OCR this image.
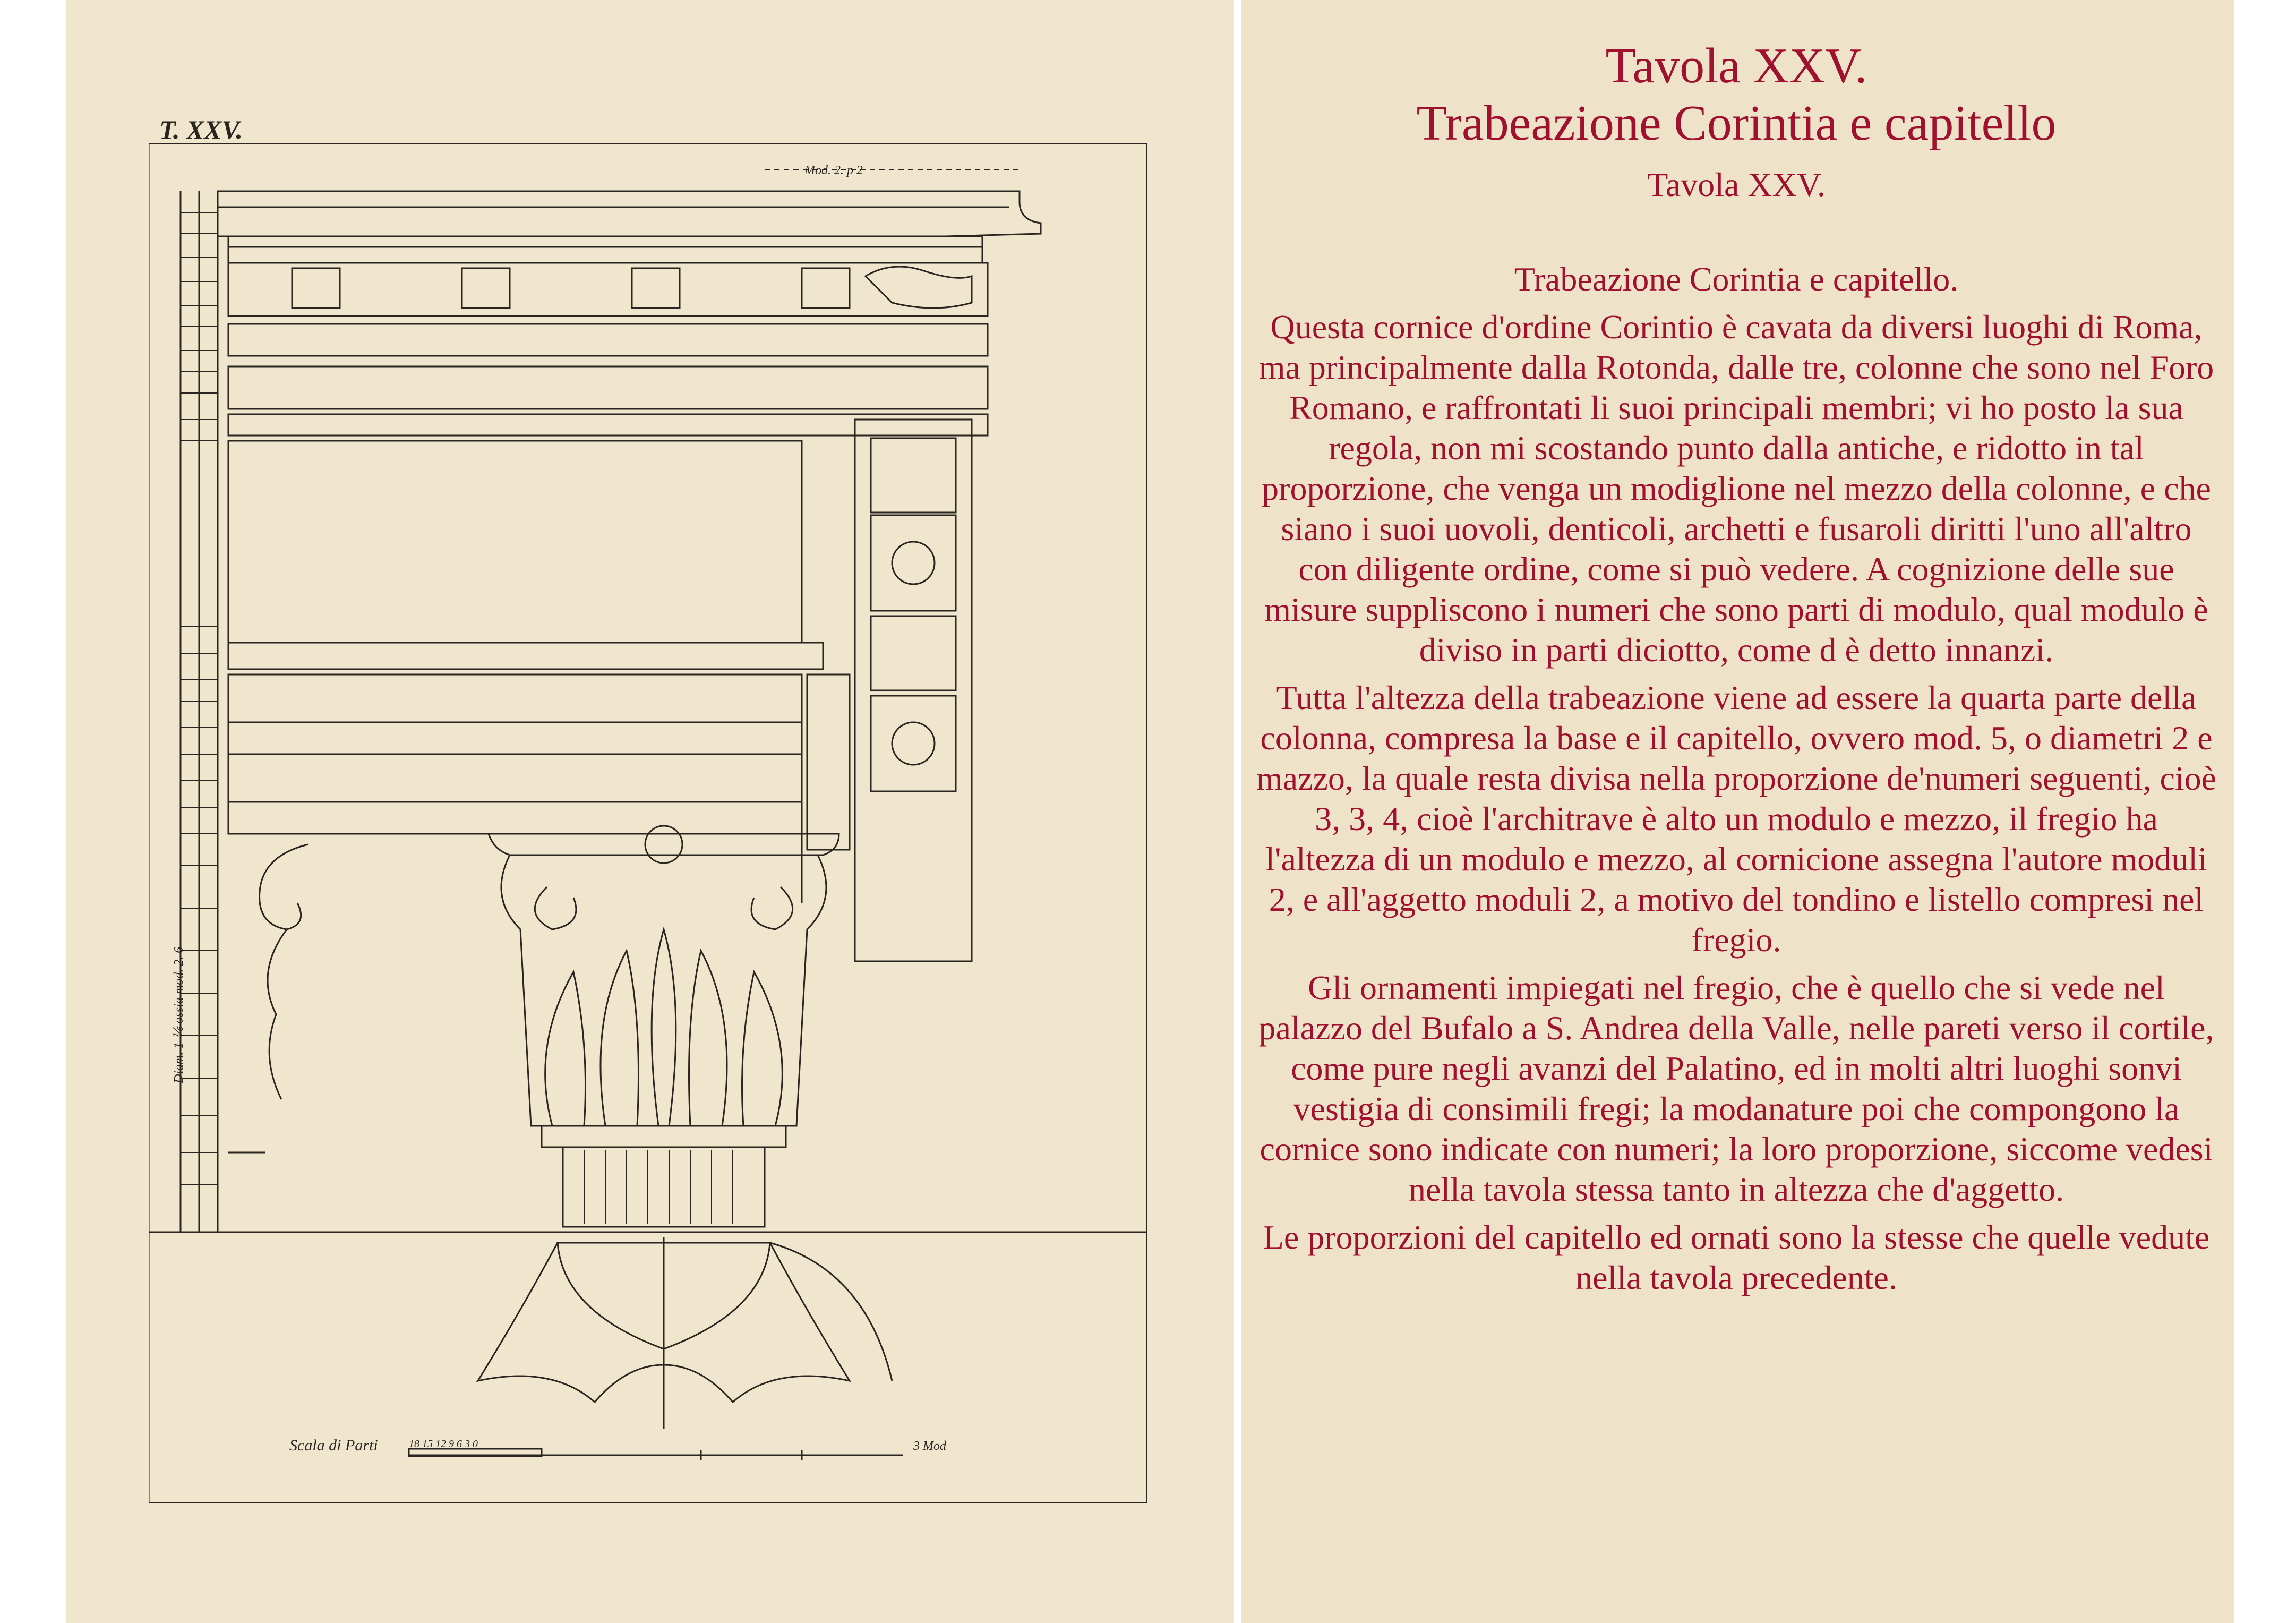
T. XXV.
Mod. 2. p 2
Diam. 1 ⅙ ossia mod. 2. 6
Scala di Parti	18 15 12 9 6 3 0	3 Mod
Tavola XXV.
Trabeazione Corintia e capitello
Tavola XXV.
Trabeazione Corintia e capitello.
Questa cornice d'ordine Corintio è cavata da diversi luoghi di Roma, ma principalmente dalla Rotonda, dalle tre, colonne che sono nel Foro Romano, e raffrontati li suoi principali membri; vi ho posto la sua regola, non mi scostando punto dalla antiche, e ridotto in tal proporzione, che venga un modiglione nel mezzo della colonne, e che siano i suoi uovoli, denticoli, archetti e fusaroli diritti l'uno all'altro con diligente ordine, come si può vedere. A cognizione delle sue misure suppliscono i numeri che sono parti di modulo, qual modulo è diviso in parti diciotto, come d è detto innanzi.
Tutta l'altezza della trabeazione viene ad essere la quarta parte della colonna, compresa la base e il capitello, ovvero mod. 5, o diametri 2 e mazzo, la quale resta divisa nella proporzione de'numeri seguenti, cioè 3, 3, 4, cioè l'architrave è alto un modulo e mezzo, il fregio ha l'altezza di un modulo e mezzo, al cornicione assegna l'autore moduli 2, e all'aggetto moduli 2, a motivo del tondino e listello compresi nel fregio.
Gli ornamenti impiegati nel fregio, che è quello che si vede nel palazzo del Bufalo a S. Andrea della Valle, nelle pareti verso il cortile, come pure negli avanzi del Palatino, ed in molti altri luoghi sonvi vestigia di consimili fregi; la modanature poi che compongono la cornice sono indicate con numeri; la loro proporzione, siccome vedesi nella tavola stessa tanto in altezza che d'aggetto.
Le proporzioni del capitello ed ornati sono la stesse che quelle vedute nella tavola precedente.
